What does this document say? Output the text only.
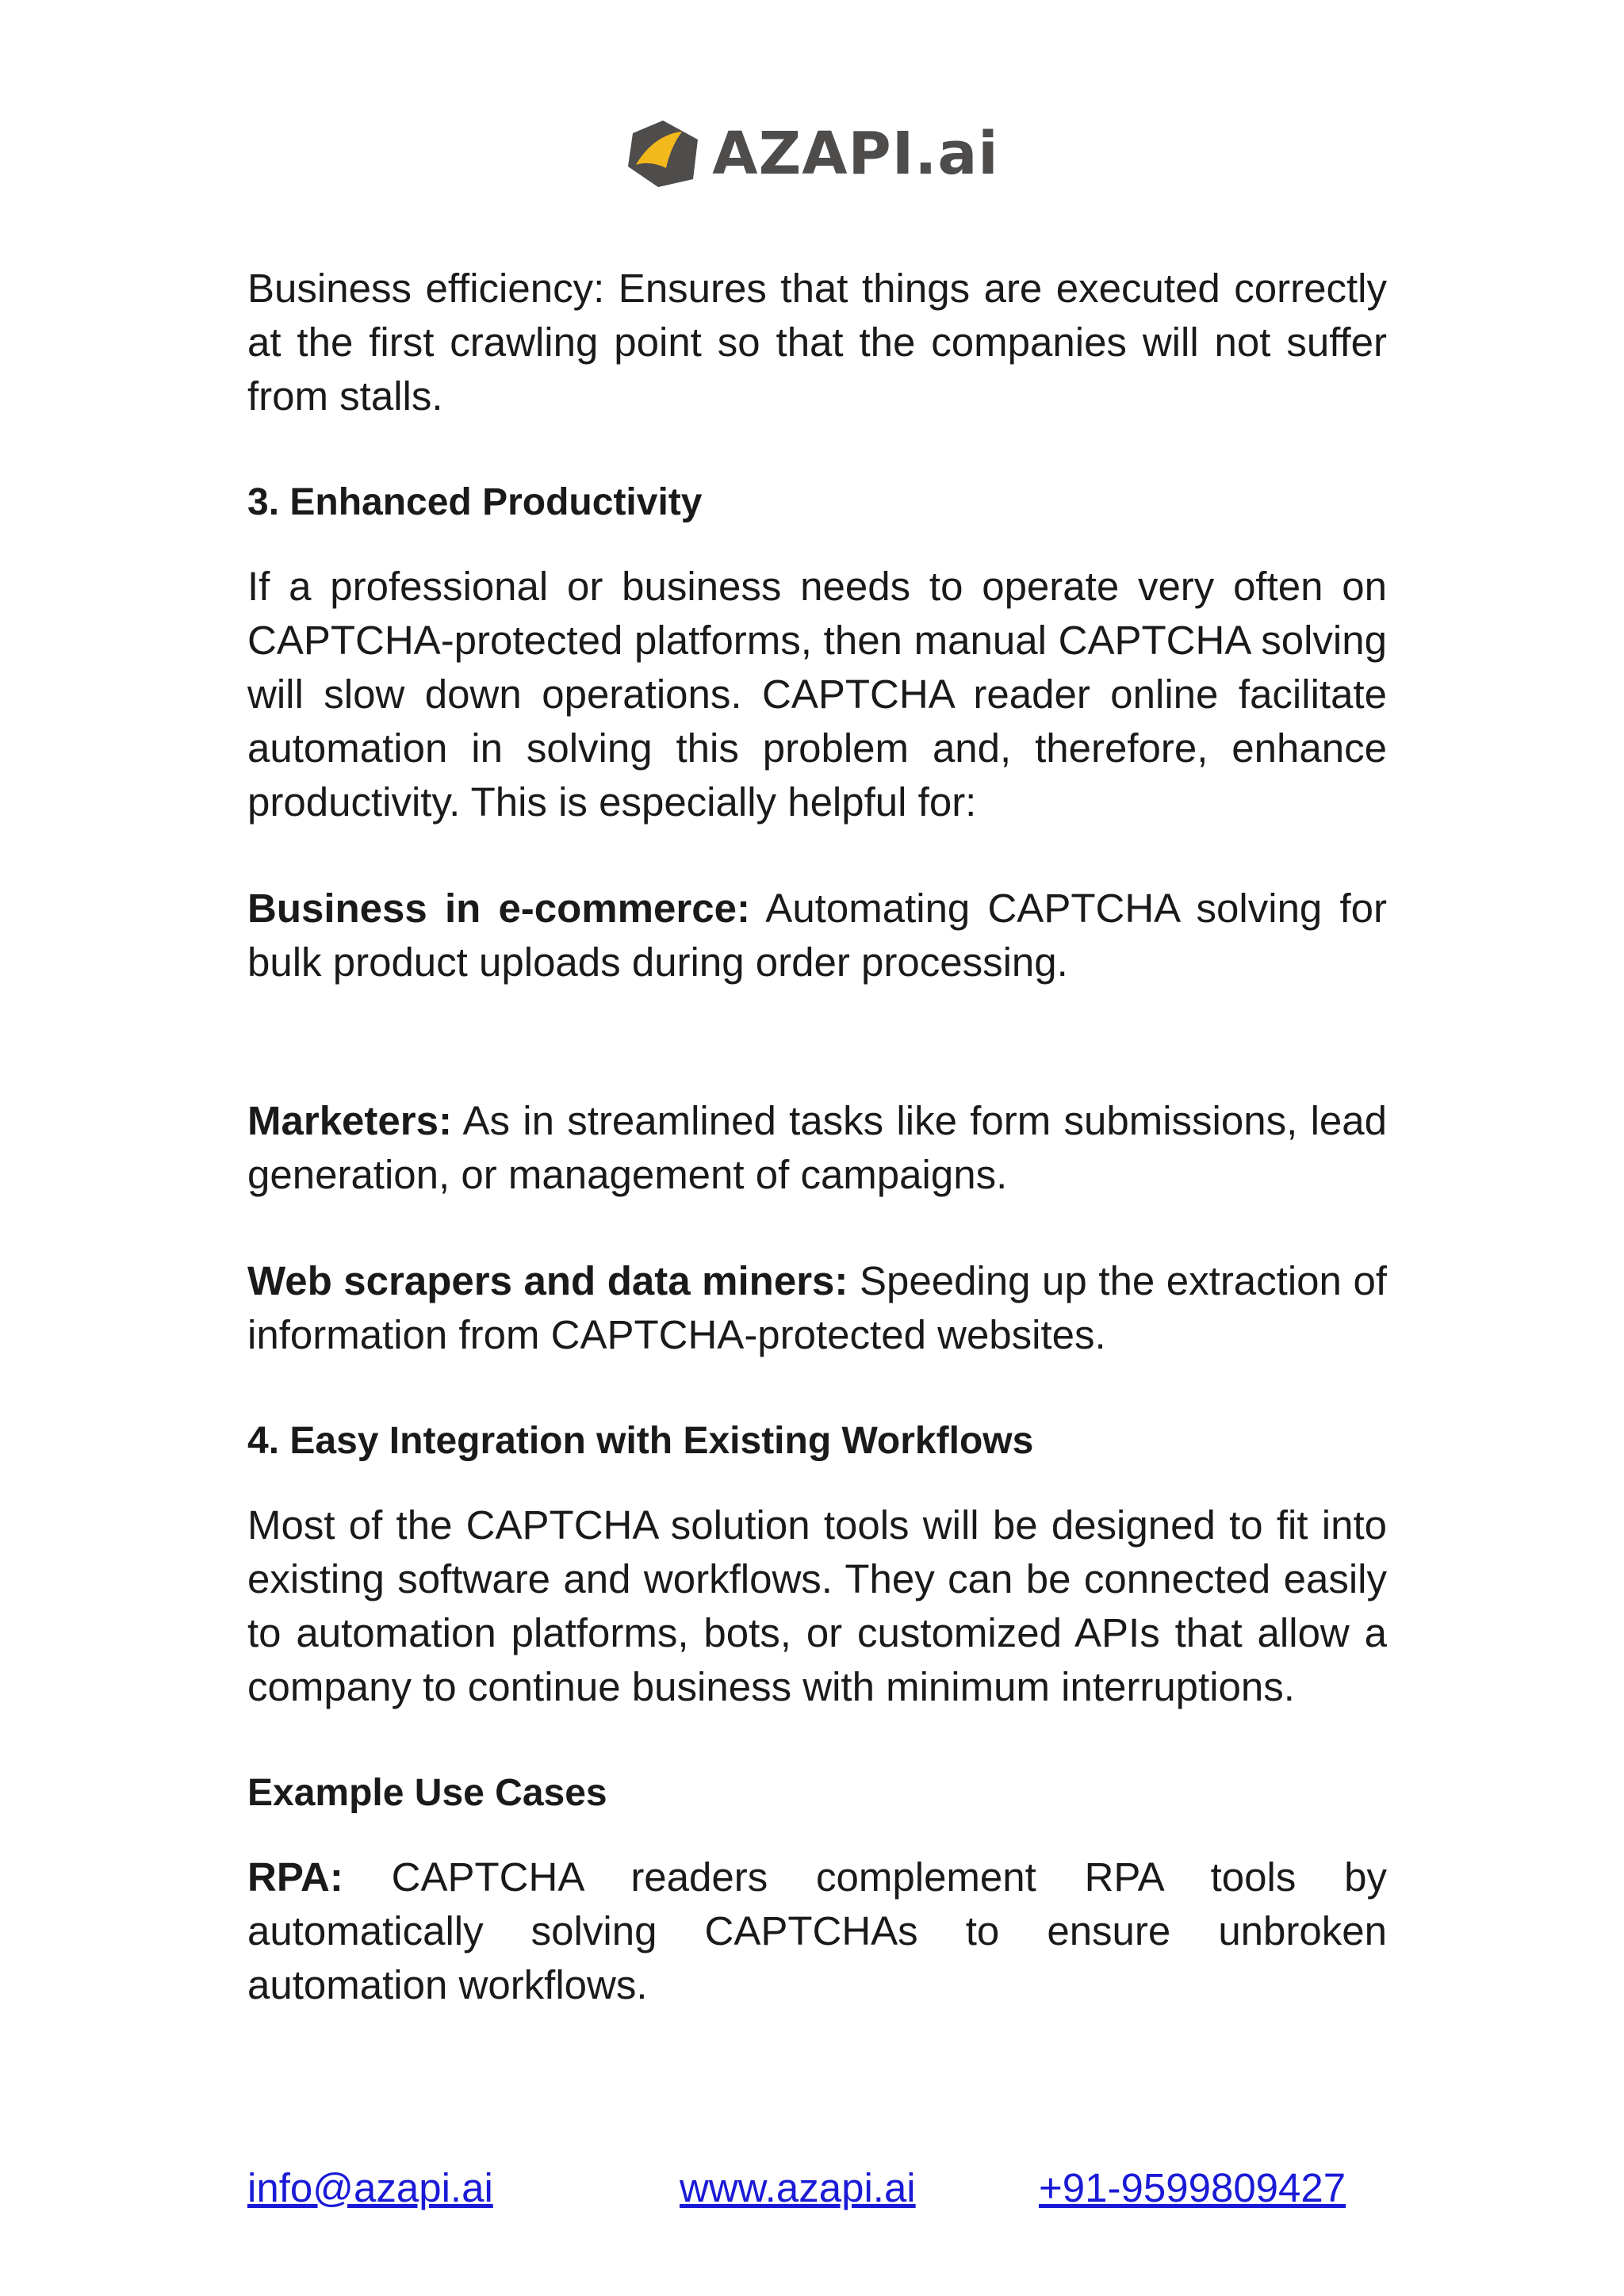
AZAPI.ai

Business efficiency: Ensures that things are executed correctly at the first crawling point so that the companies will not suffer from stalls.

3. Enhanced Productivity

If a professional or business needs to operate very often on CAPTCHA-protected platforms, then manual CAPTCHA solving will slow down operations. CAPTCHA reader online facilitate automation in solving this problem and, therefore, enhance productivity. This is especially helpful for:

Business in e-commerce: Automating CAPTCHA solving for bulk product uploads during order processing.

Marketers: As in streamlined tasks like form submissions, lead generation, or management of campaigns.

Web scrapers and data miners: Speeding up the extraction of information from CAPTCHA-protected websites.

4. Easy Integration with Existing Workflows

Most of the CAPTCHA solution tools will be designed to fit into existing software and workflows. They can be connected easily to automation platforms, bots, or customized APIs that allow a company to continue business with minimum interruptions.

Example Use Cases

RPA: CAPTCHA readers complement RPA tools by automatically solving CAPTCHAs to ensure unbroken automation workflows.

info@azapi.ai	www.azapi.ai	+91-9599809427
